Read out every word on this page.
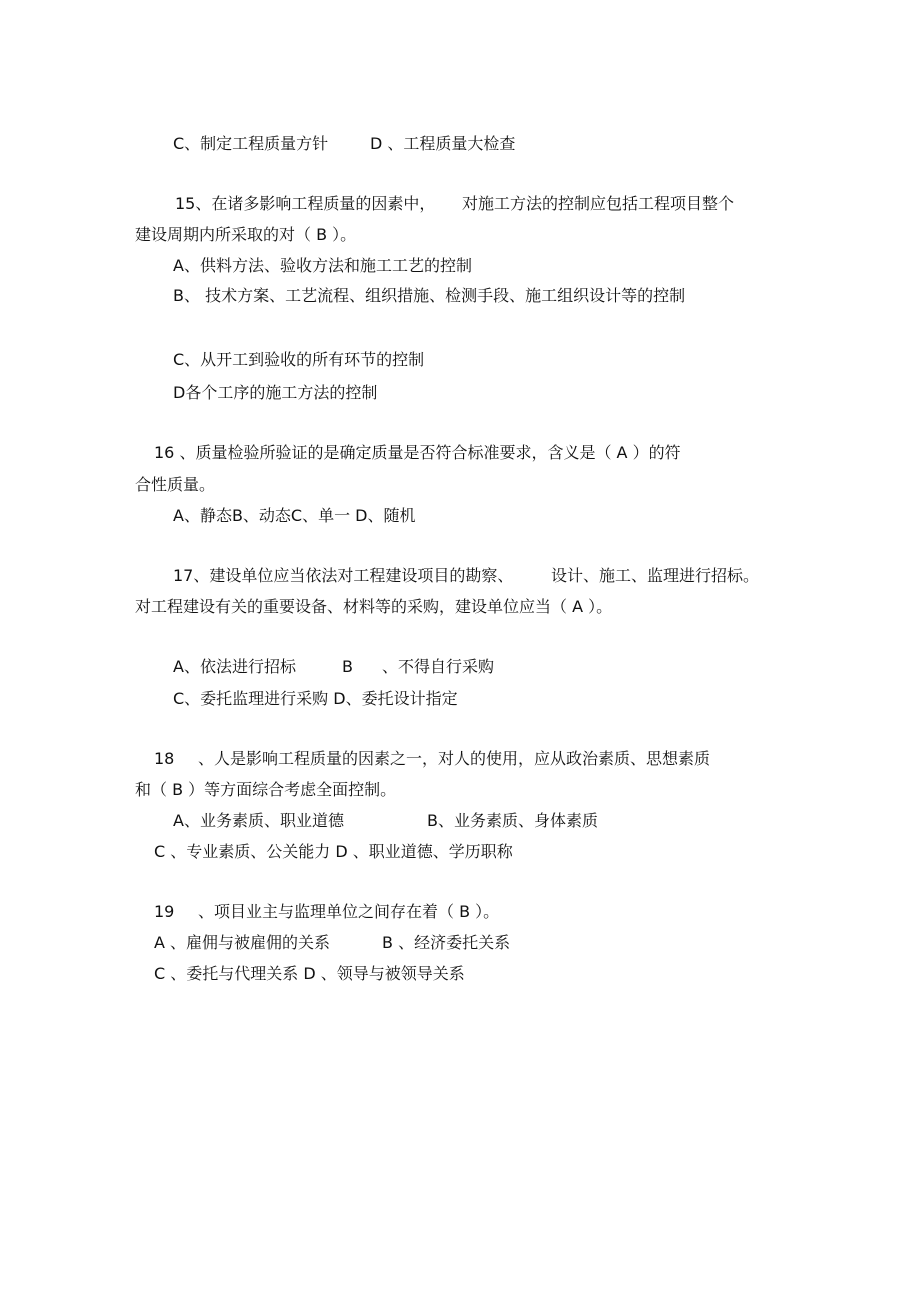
C、制定工程质量方针	D 、工程质量大检查
15、在诸多影响工程质量的因素中， 对施工方法的控制应包括工程项目整个
建设周期内所采取的对（ B ）。
A、供料方法、验收方法和施工工艺的控制
B、 技术方案、工艺流程、组织措施、检测手段、施工组织设计等的控制
C、从开工到验收的所有环节的控制
D各个工序的施工方法的控制
16 、质量检验所验证的是确定质量是否符合标准要求，含义是（ A ）的符
合性质量。
A、静态B、动态C、单一 D、随机
17、建设单位应当依法对工程建设项目的勘察、 设计、施工、监理进行招标。
对工程建设有关的重要设备、材料等的采购，建设单位应当（ A ）。
A、依法进行招标	B 、不得自行采购
C、委托监理进行采购 D、委托设计指定
18 、人是影响工程质量的因素之一，对人的使用，应从政治素质、思想素质
和（ B ）等方面综合考虑全面控制。
A、业务素质、职业道德	B、业务素质、身体素质
C 、专业素质、公关能力 D 、职业道德、学历职称
19 、项目业主与监理单位之间存在着（ B ）。
A 、雇佣与被雇佣的关系	B 、经济委托关系
C 、委托与代理关系 D 、领导与被领导关系
